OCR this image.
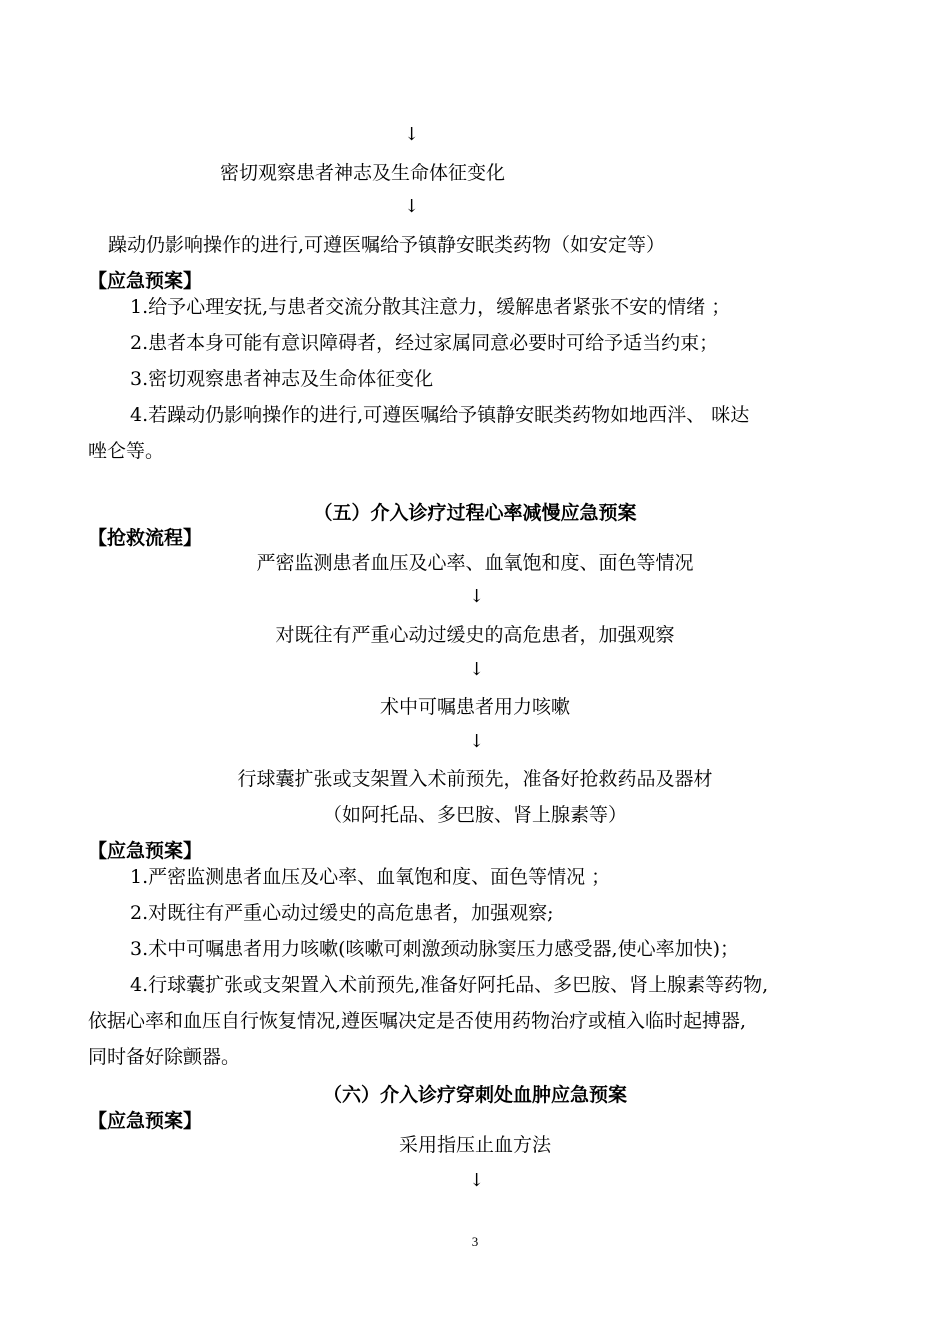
↓
密切观察患者神志及生命体征变化
↓
躁动仍影响操作的进行,可遵医嘱给予镇静安眠类药物（如安定等）
【应急预案】
1.给予心理安抚,与患者交流分散其注意力，缓解患者紧张不安的情绪 ；
2.患者本身可能有意识障碍者，经过家属同意必要时可给予适当约束；
3.密切观察患者神志及生命体征变化
4.若躁动仍影响操作的进行,可遵医嘱给予镇静安眠类药物如地西泮、 咪达
唑仑等。
（五）介入诊疗过程心率减慢应急预案
【抢救流程】
严密监测患者血压及心率、血氧饱和度、面色等情况
↓
对既往有严重心动过缓史的高危患者，加强观察
↓
术中可嘱患者用力咳嗽
↓
行球囊扩张或支架置入术前预先，准备好抢救药品及器材
（如阿托品、多巴胺、肾上腺素等）
【应急预案】
1.严密监测患者血压及心率、血氧饱和度、面色等情况 ；
2.对既往有严重心动过缓史的高危患者，加强观察;
3.术中可嘱患者用力咳嗽(咳嗽可刺激颈动脉窦压力感受器,使心率加快)；
4.行球囊扩张或支架置入术前预先,准备好阿托品、多巴胺、肾上腺素等药物,
依据心率和血压自行恢复情况,遵医嘱决定是否使用药物治疗或植入临时起搏器,
同时备好除颤器。
（六）介入诊疗穿刺处血肿应急预案
【应急预案】
采用指压止血方法
↓
3
